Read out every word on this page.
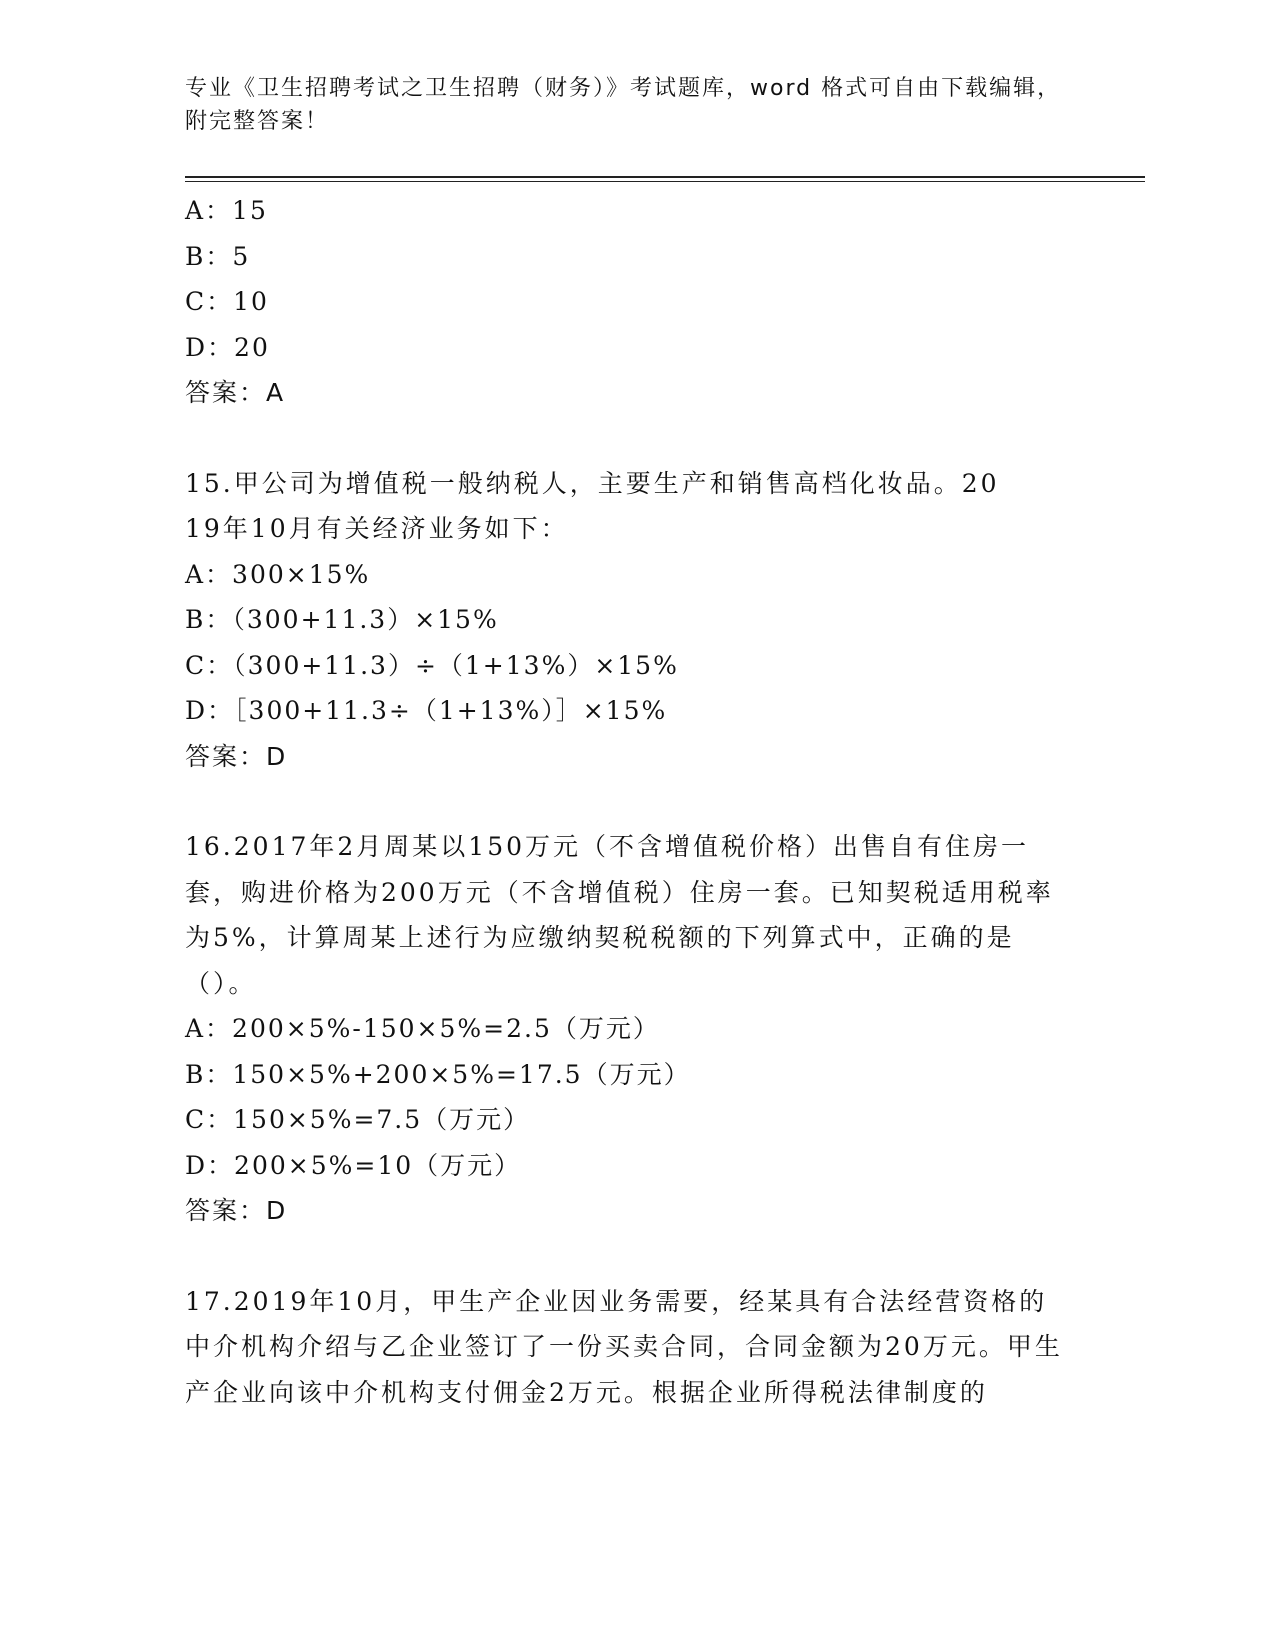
专业《卫生招聘考试之卫生招聘（财务）》考试题库，word 格式可自由下载编辑，附完整答案！
A：15
B：5
C：10
D：20
答案：A
15.甲公司为增值税一般纳税人，主要生产和销售高档化妆品。2019年10月有关经济业务如下：
A：300×15%
B：（300+11.3）×15%
C：（300+11.3）÷（1+13%）×15%
D：［300+11.3÷（1+13%）］×15%
答案：D
16.2017年2月周某以150万元（不含增值税价格）出售自有住房一套，购进价格为200万元（不含增值税）住房一套。已知契税适用税率为5%，计算周某上述行为应缴纳契税税额的下列算式中，正确的是（）。
A：200×5%-150×5%=2.5（万元）
B：150×5%+200×5%=17.5（万元）
C：150×5%=7.5（万元）
D：200×5%=10（万元）
答案：D
17.2019年10月，甲生产企业因业务需要，经某具有合法经营资格的中介机构介绍与乙企业签订了一份买卖合同，合同金额为20万元。甲生产企业向该中介机构支付佣金2万元。根据企业所得税法律制度的
